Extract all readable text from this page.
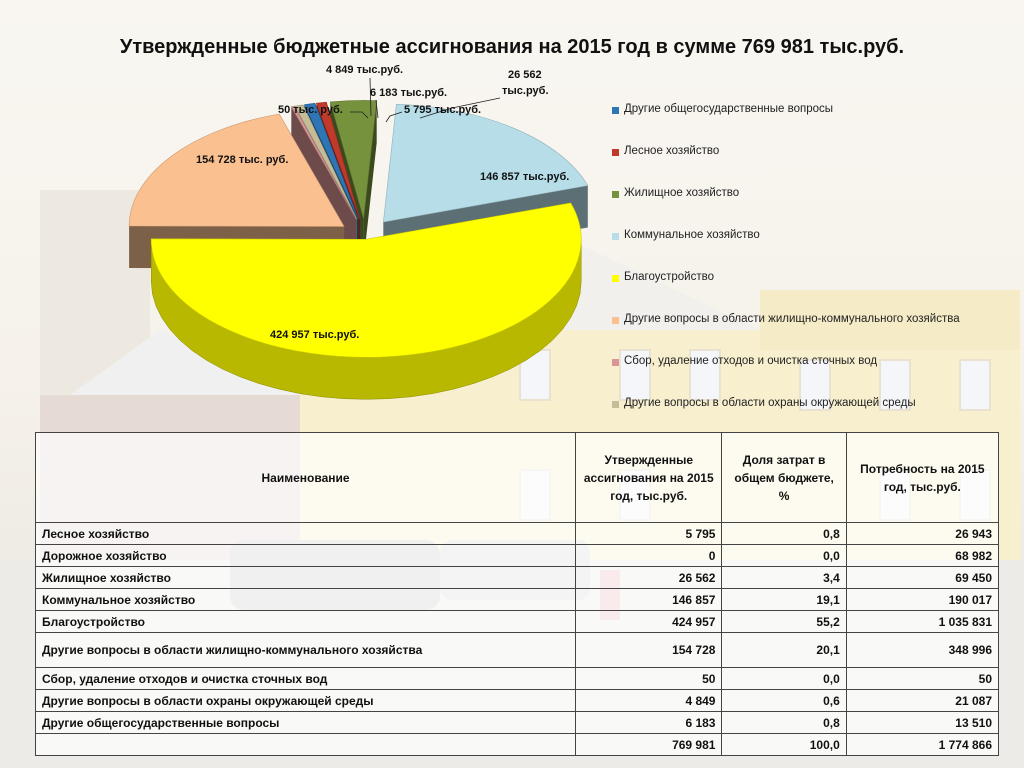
Утвержденные бюджетные ассигнования на 2015 год в сумме 769 981 тыс.руб.
424 957 тыс.руб.
154 728 тыс. руб.
50 тыс. руб.
4 849 тыс.руб.
6 183 тыс.руб.
5 795 тыс.руб.
26 562
тыс.руб.
146 857 тыс.руб.
Другие общегосударственные вопросы
Лесное хозяйство
Жилищное хозяйство
Коммунальное хозяйство
Благоустройство
Другие вопросы в области жилищно-коммунального хозяйства
Сбор, удаление отходов и очистка сточных вод
Другие вопросы в области охраны окружающей среды
Наименование	Утвержденные ассигнования на 2015 год, тыс.руб.	Доля затрат в общем бюджете, %	Потребность на 2015 год, тыс.руб.
Лесное хозяйство	5 795	0,8	26 943
Дорожное хозяйство	0	0,0	68 982
Жилищное хозяйство	26 562	3,4	69 450
Коммунальное хозяйство	146 857	19,1	190 017
Благоустройство	424 957	55,2	1 035 831
Другие вопросы в области жилищно-коммунального хозяйства	154 728	20,1	348 996
Сбор, удаление отходов и очистка сточных вод	50	0,0	50
Другие вопросы в области охраны окружающей среды	4 849	0,6	21 087
Другие общегосударственные вопросы	6 183	0,8	13 510
	769 981	100,0	1 774 866
